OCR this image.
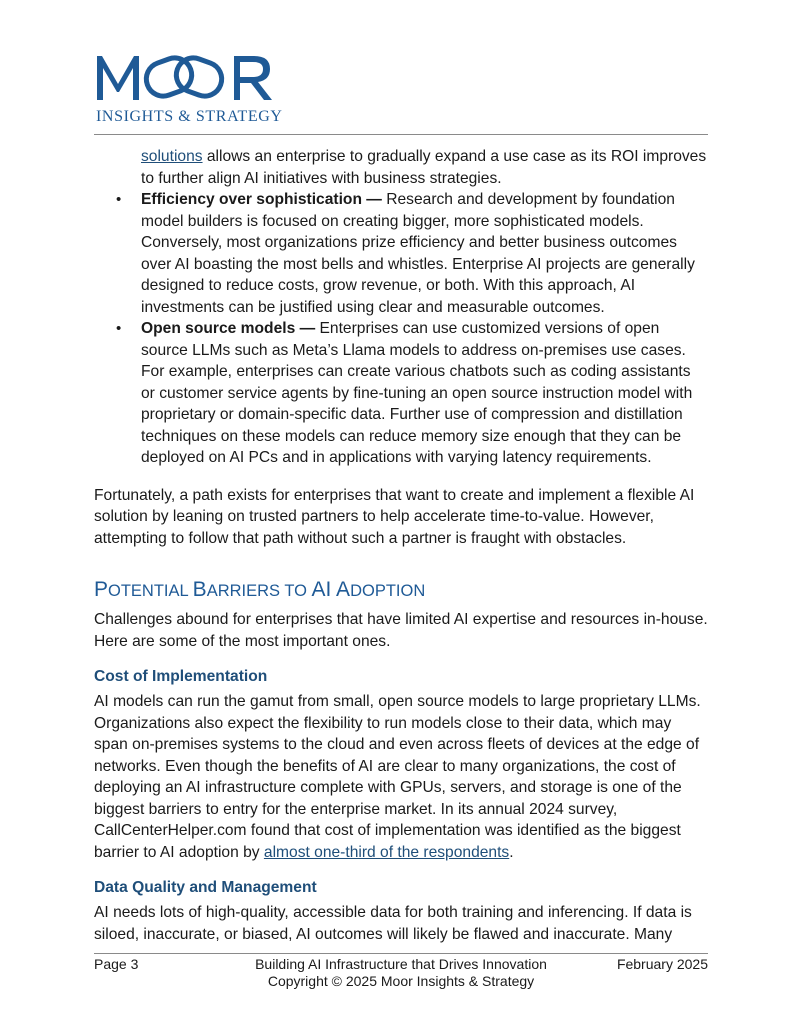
INSIGHTS & STRATEGY

solutions allows an enterprise to gradually expand a use case as its ROI improves to further align AI initiatives with business strategies.

• Efficiency over sophistication — Research and development by foundation model builders is focused on creating bigger, more sophisticated models. Conversely, most organizations prize efficiency and better business outcomes over AI boasting the most bells and whistles. Enterprise AI projects are generally designed to reduce costs, grow revenue, or both. With this approach, AI investments can be justified using clear and measurable outcomes.
• Open source models — Enterprises can use customized versions of open source LLMs such as Meta’s Llama models to address on-premises use cases. For example, enterprises can create various chatbots such as coding assistants or customer service agents by fine-tuning an open source instruction model with proprietary or domain-specific data. Further use of compression and distillation techniques on these models can reduce memory size enough that they can be deployed on AI PCs and in applications with varying latency requirements.

Fortunately, a path exists for enterprises that want to create and implement a flexible AI solution by leaning on trusted partners to help accelerate time-to-value. However, attempting to follow that path without such a partner is fraught with obstacles.

POTENTIAL BARRIERS TO AI ADOPTION

Challenges abound for enterprises that have limited AI expertise and resources in-house. Here are some of the most important ones.

Cost of Implementation

AI models can run the gamut from small, open source models to large proprietary LLMs. Organizations also expect the flexibility to run models close to their data, which may span on-premises systems to the cloud and even across fleets of devices at the edge of networks. Even though the benefits of AI are clear to many organizations, the cost of deploying an AI infrastructure complete with GPUs, servers, and storage is one of the biggest barriers to entry for the enterprise market. In its annual 2024 survey, CallCenterHelper.com found that cost of implementation was identified as the biggest barrier to AI adoption by almost one-third of the respondents.

Data Quality and Management

AI needs lots of high-quality, accessible data for both training and inferencing. If data is siloed, inaccurate, or biased, AI outcomes will likely be flawed and inaccurate. Many

Page 3	Building AI Infrastructure that Drives Innovation
Copyright © 2025 Moor Insights & Strategy
February 2025
